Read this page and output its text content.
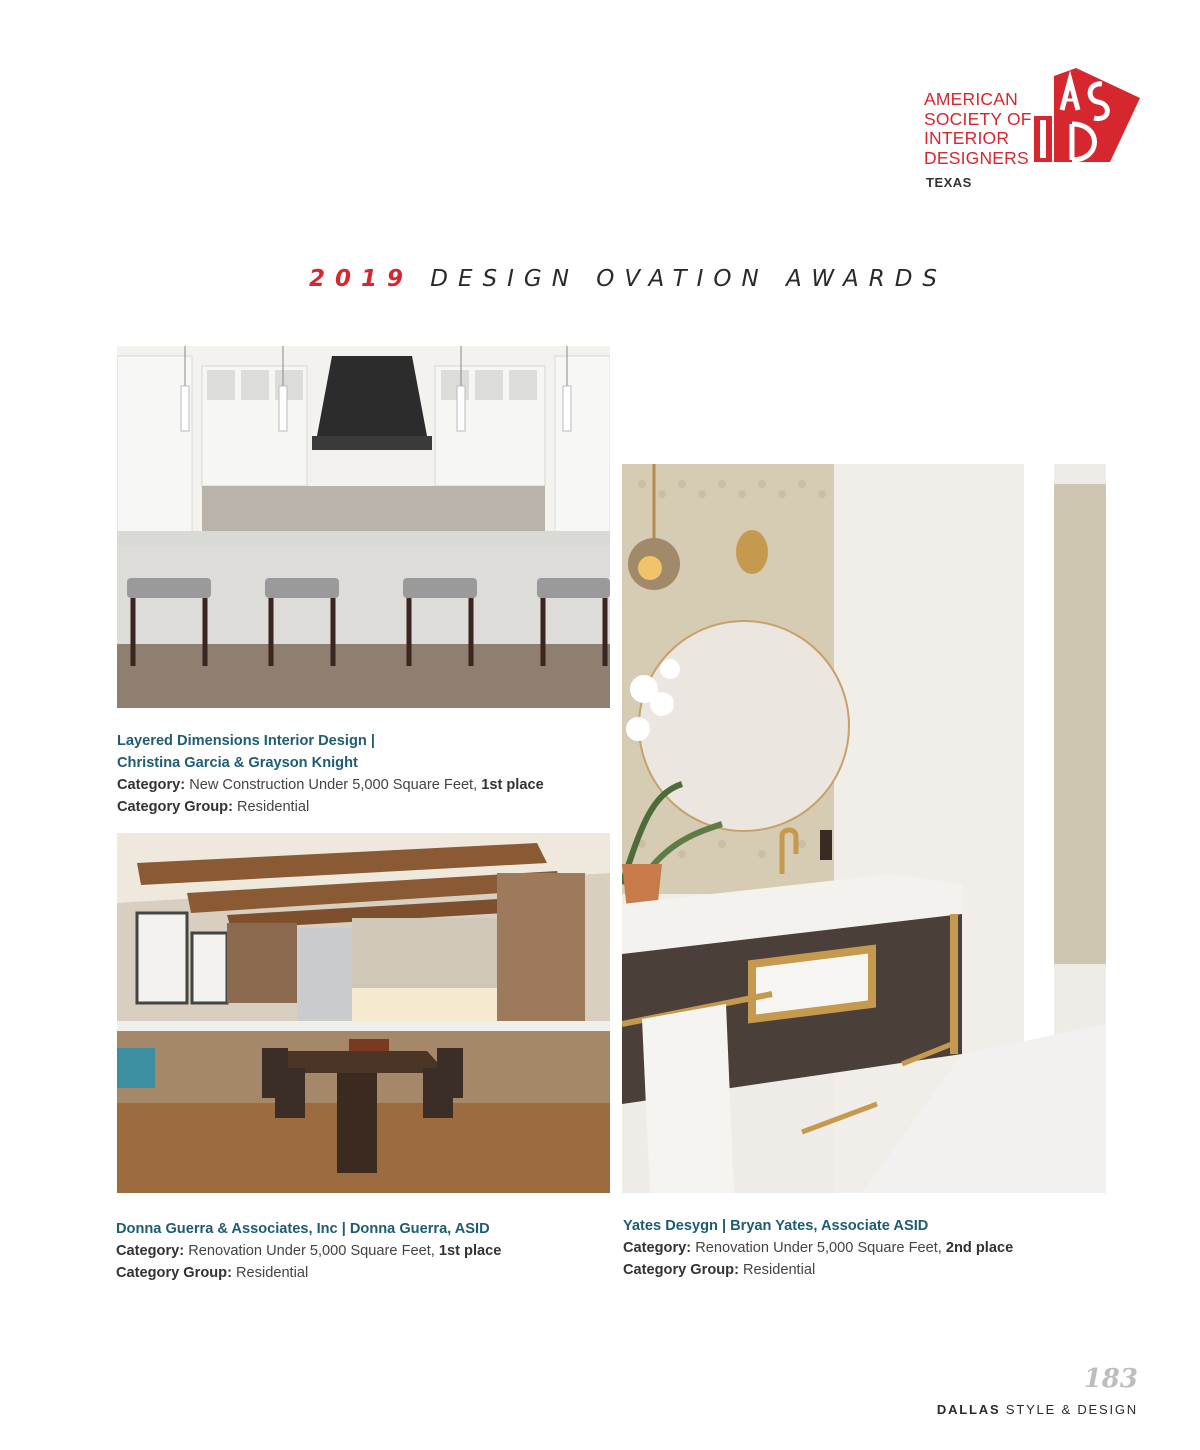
AMERICAN
SOCIETY OF
INTERIOR
DESIGNERS
TEXAS
2019 DESIGN OVATION AWARDS
Layered Dimensions Interior Design |
Christina Garcia & Grayson Knight
Category: New Construction Under 5,000 Square Feet, 1st place
Category Group: Residential
Donna Guerra & Associates, Inc | Donna Guerra, ASID
Category: Renovation Under 5,000 Square Feet, 1st place
Category Group: Residential
Yates Desygn | Bryan Yates, Associate ASID
Category: Renovation Under 5,000 Square Feet, 2nd place
Category Group: Residential
183
DALLAS STYLE & DESIGN
